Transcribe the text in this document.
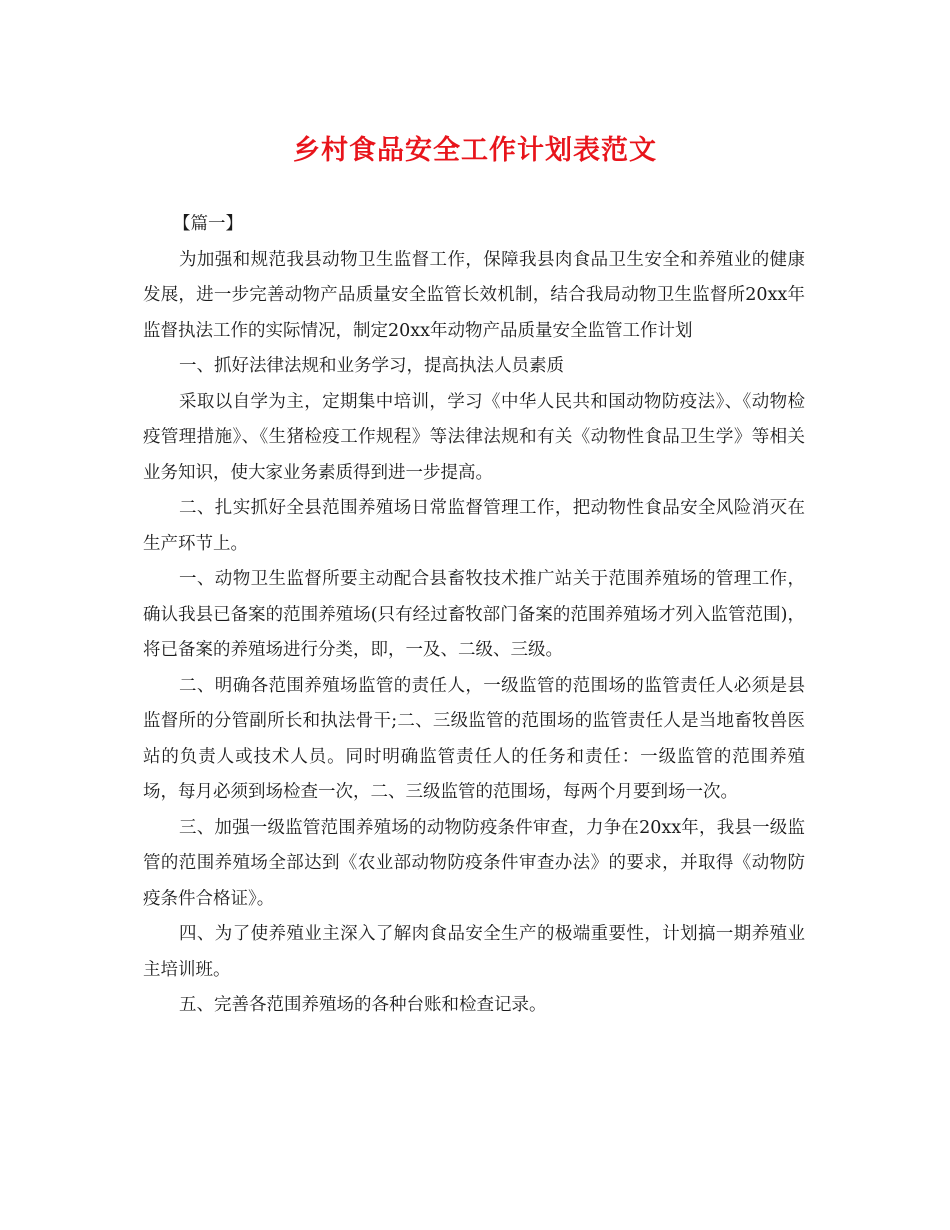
乡村食品安全工作计划表范文

【篇一】

为加强和规范我县动物卫生监督工作，保障我县肉食品卫生安全和养殖业的健康发展，进一步完善动物产品质量安全监管长效机制，结合我局动物卫生监督所20xx年监督执法工作的实际情况，制定20xx年动物产品质量安全监管工作计划

一、抓好法律法规和业务学习，提高执法人员素质

采取以自学为主，定期集中培训，学习《中华人民共和国动物防疫法》、《动物检疫管理措施》、《生猪检疫工作规程》等法律法规和有关《动物性食品卫生学》等相关业务知识，使大家业务素质得到进一步提高。

二、扎实抓好全县范围养殖场日常监督管理工作，把动物性食品安全风险消灭在生产环节上。

一、动物卫生监督所要主动配合县畜牧技术推广站关于范围养殖场的管理工作，确认我县已备案的范围养殖场(只有经过畜牧部门备案的范围养殖场才列入监管范围)，将已备案的养殖场进行分类，即，一及、二级、三级。

二、明确各范围养殖场监管的责任人，一级监管的范围场的监管责任人必须是县监督所的分管副所长和执法骨干;二、三级监管的范围场的监管责任人是当地畜牧兽医站的负责人或技术人员。同时明确监管责任人的任务和责任：一级监管的范围养殖场，每月必须到场检查一次，二、三级监管的范围场，每两个月要到场一次。

三、加强一级监管范围养殖场的动物防疫条件审查，力争在20xx年，我县一级监管的范围养殖场全部达到《农业部动物防疫条件审查办法》的要求，并取得《动物防疫条件合格证》。

四、为了使养殖业主深入了解肉食品安全生产的极端重要性，计划搞一期养殖业主培训班。

五、完善各范围养殖场的各种台账和检查记录。
